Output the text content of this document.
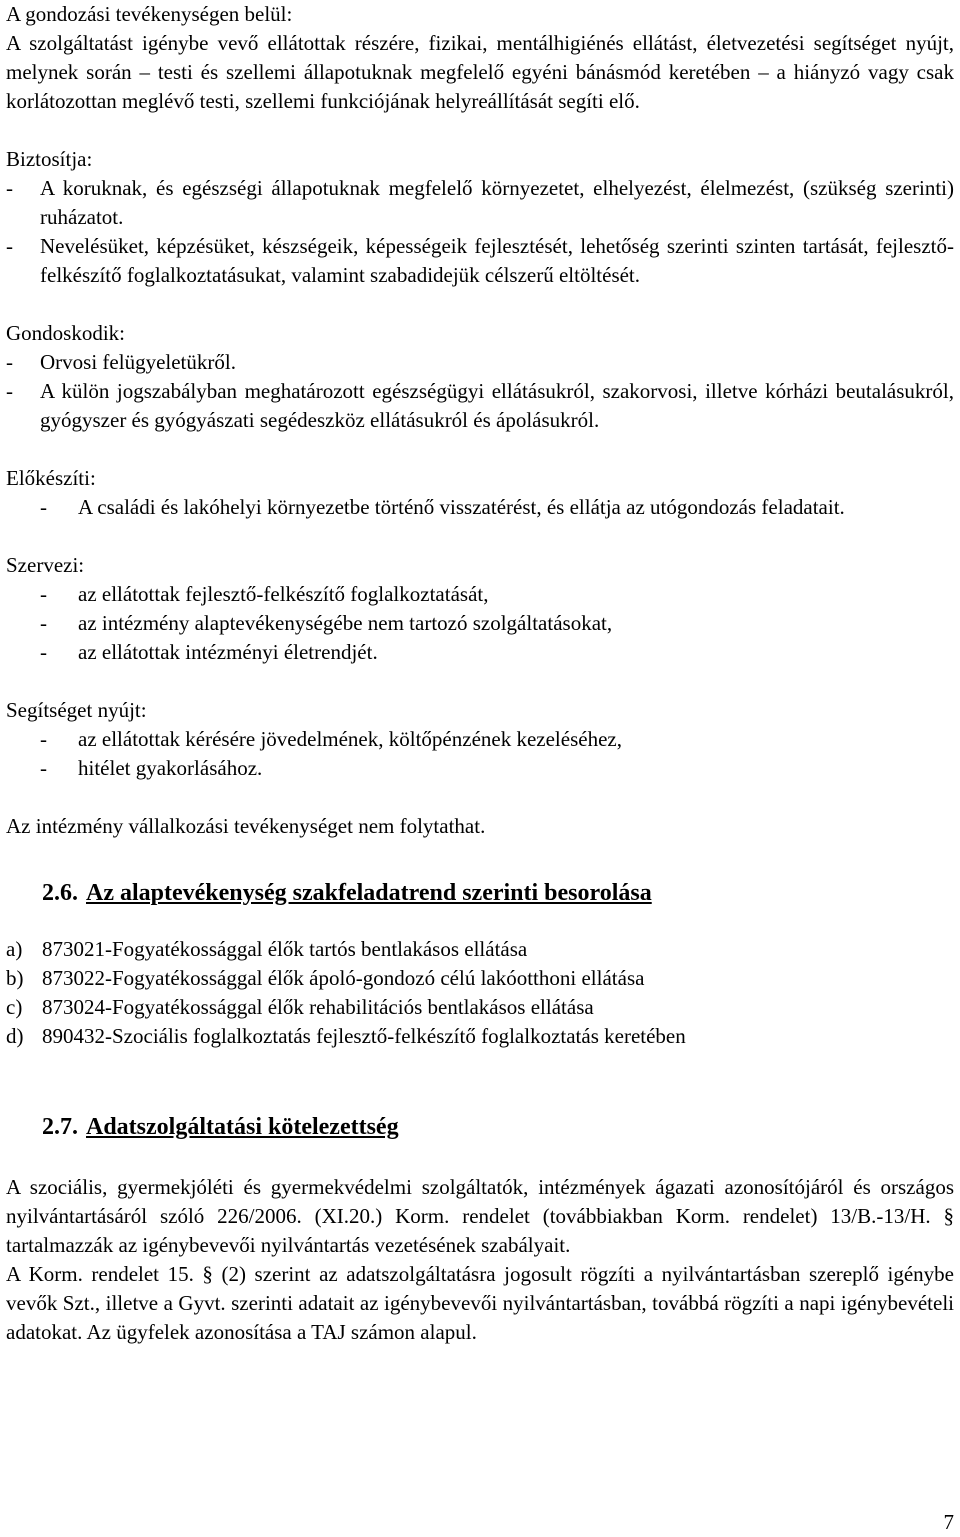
A gondozási tevékenységen belül:

A szolgáltatást igénybe vevő ellátottak részére, fizikai, mentálhigiénés ellátást, életvezetési segítséget nyújt, melynek során – testi és szellemi állapotuknak megfelelő egyéni bánásmód keretében – a hiányzó vagy csak korlátozottan meglévő testi, szellemi funkciójának helyreállítását segíti elő.

Biztosítja:

-	A koruknak, és egészségi állapotuknak megfelelő környezetet, elhelyezést, élelmezést, (szükség szerinti) ruházatot.
-	Nevelésüket, képzésüket, készségeik, képességeik fejlesztését, lehetőség szerinti szinten tartását, fejlesztő-felkészítő foglalkoztatásukat, valamint szabadidejük célszerű eltöltését.

Gondoskodik:

-	Orvosi felügyeletükről.
-	A külön jogszabályban meghatározott egészségügyi ellátásukról, szakorvosi, illetve kórházi beutalásukról, gyógyszer és gyógyászati segédeszköz ellátásukról és ápolásukról.

Előkészíti:

-	A családi és lakóhelyi környezetbe történő visszatérést, és ellátja az utógondozás feladatait.

Szervezi:

-	az ellátottak fejlesztő-felkészítő foglalkoztatását,
-	az intézmény alaptevékenységébe nem tartozó szolgáltatásokat,
-	az ellátottak intézményi életrendjét.

Segítséget nyújt:

-	az ellátottak kérésére jövedelmének, költőpénzének kezeléséhez,
-	hitélet gyakorlásához.

Az intézmény vállalkozási tevékenységet nem folytathat.

2.6. Az alaptevékenység szakfeladatrend szerinti besorolása
a) 873021-Fogyatékossággal élők tartós bentlakásos ellátása
b) 873022-Fogyatékossággal élők ápoló-gondozó célú lakóotthoni ellátása
c) 873024-Fogyatékossággal élők rehabilitációs bentlakásos ellátása
d) 890432-Szociális foglalkoztatás fejlesztő-felkészítő foglalkoztatás keretében
2.7. Adatszolgáltatási kötelezettség

A szociális, gyermekjóléti és gyermekvédelmi szolgáltatók, intézmények ágazati azonosítójáról és országos nyilvántartásáról szóló 226/2006. (XI.20.) Korm. rendelet (továbbiakban Korm. rendelet) 13/B.-13/H. § tartalmazzák az igénybevevői nyilvántartás vezetésének szabályait.

A Korm. rendelet 15. § (2) szerint az adatszolgáltatásra jogosult rögzíti a nyilvántartásban szereplő igénybe vevők Szt., illetve a Gyvt. szerinti adatait az igénybevevői nyilvántartásban, továbbá rögzíti a napi igénybevételi adatokat. Az ügyfelek azonosítása a TAJ számon alapul.

7
